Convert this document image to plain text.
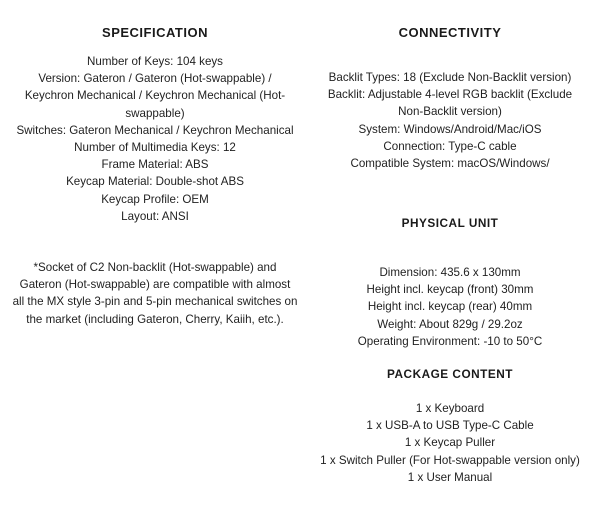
SPECIFICATION
Number of Keys: 104 keys
Version: Gateron / Gateron (Hot-swappable) /
Keychron Mechanical / Keychron Mechanical (Hot-
swappable)
Switches: Gateron Mechanical / Keychron Mechanical
Number of Multimedia Keys: 12
Frame Material: ABS
Keycap Material: Double-shot ABS
Keycap Profile: OEM
Layout: ANSI
*Socket of C2 Non-backlit (Hot-swappable) and
Gateron (Hot-swappable) are compatible with almost
all the MX style 3-pin and 5-pin mechanical switches on
the market (including Gateron, Cherry, Kaiih, etc.).
CONNECTIVITY
Backlit Types: 18 (Exclude Non-Backlit version)
Backlit: Adjustable 4-level RGB backlit (Exclude
Non-Backlit version)
System: Windows/Android/Mac/iOS
Connection: Type-C cable
Compatible System: macOS/Windows/
PHYSICAL UNIT
Dimension: 435.6 x 130mm
Height incl. keycap (front) 30mm
Height incl. keycap (rear) 40mm
Weight: About 829g / 29.2oz
Operating Environment: -10 to 50°C
PACKAGE CONTENT
1 x Keyboard
1 x USB-A to USB Type-C Cable
1 x Keycap Puller
1 x Switch Puller (For Hot-swappable version only)
1 x User Manual
